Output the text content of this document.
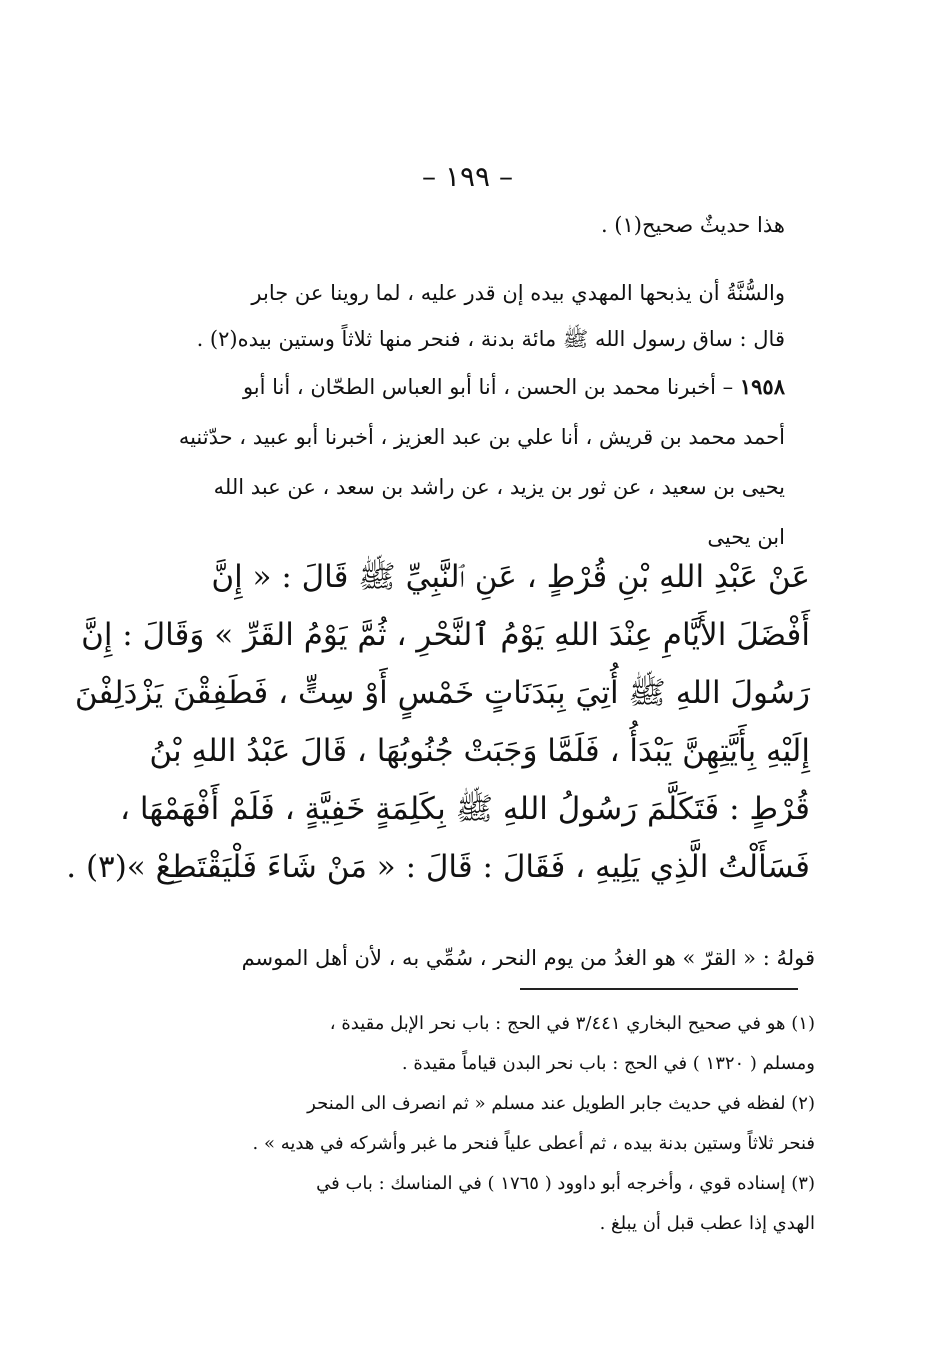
– ١٩٩ –
هذا حديثٌ صحيح(١) .

والسُّنَّةُ أن يذبحها المهدي بيده إن قدر عليه ، لما روينا عن جابر

قال : ساق رسول الله ﷺ مائة بدنة ، فنحر منها ثلاثاً وستين بيده(٢) .

١٩٥٨ – أخبرنا محمد بن الحسن ، أنا أبو العباس الطحّان ، أنا أبو

أحمد محمد بن قريش ، أنا علي بن عبد العزيز ، أخبرنا أبو عبيد ، حدّثنيه

يحيى بن سعيد ، عن ثور بن يزيد ، عن راشد بن سعد ، عن عبد الله

ابن يحيى

عَنْ عَبْدِ اللهِ بْنِ قُرْطٍ ، عَنِ ٱلنَّبِيِّ ﷺ قَالَ : « إِنَّ

أَفْضَلَ الأَيَّامِ عِنْدَ اللهِ يَوْمُ ٱلنَّحْرِ ، ثُمَّ يَوْمُ القَرِّ » وَقَالَ : إِنَّ

رَسُولَ اللهِ ﷺ أُتِيَ بِبَدَنَاتٍ خَمْسٍ أَوْ سِتٍّ ، فَطَفِقْنَ يَزْدَلِفْنَ

إِلَيْهِ بِأَيَّتِهِنَّ يَبْدَأُ ، فَلَمَّا وَجَبَتْ جُنُوبُهَا ، قَالَ عَبْدُ اللهِ بْنُ

قُرْطٍ : فَتَكَلَّمَ رَسُولُ اللهِ ﷺ بِكَلِمَةٍ خَفِيَّةٍ ، فَلَمْ أَفْهَمْهَا ،

فَسَأَلْتُ الَّذِي يَلِيهِ ، فَقَالَ : قَالَ : « مَنْ شَاءَ فَلْيَقْتَطِعْ »(٣) .

قولهُ : « القرّ » هو الغدُ من يوم النحر ، سُمِّي به ، لأن أهل الموسم

(١) هو في صحيح البخاري ٣/٤٤١ في الحج : باب نحر الإبل مقيدة ،

ومسلم ( ١٣٢٠ ) في الحج : باب نحر البدن قياماً مقيدة .

(٢) لفظه في حديث جابر الطويل عند مسلم « ثم انصرف الى المنحر

فنحر ثلاثاً وستين بدنة بيده ، ثم أعطى علياً فنحر ما غبر وأشركه في هديه » .

(٣) إسناده قوي ، وأخرجه أبو داوود ( ١٧٦٥ ) في المناسك : باب في

الهدي إذا عطب قبل أن يبلغ .
